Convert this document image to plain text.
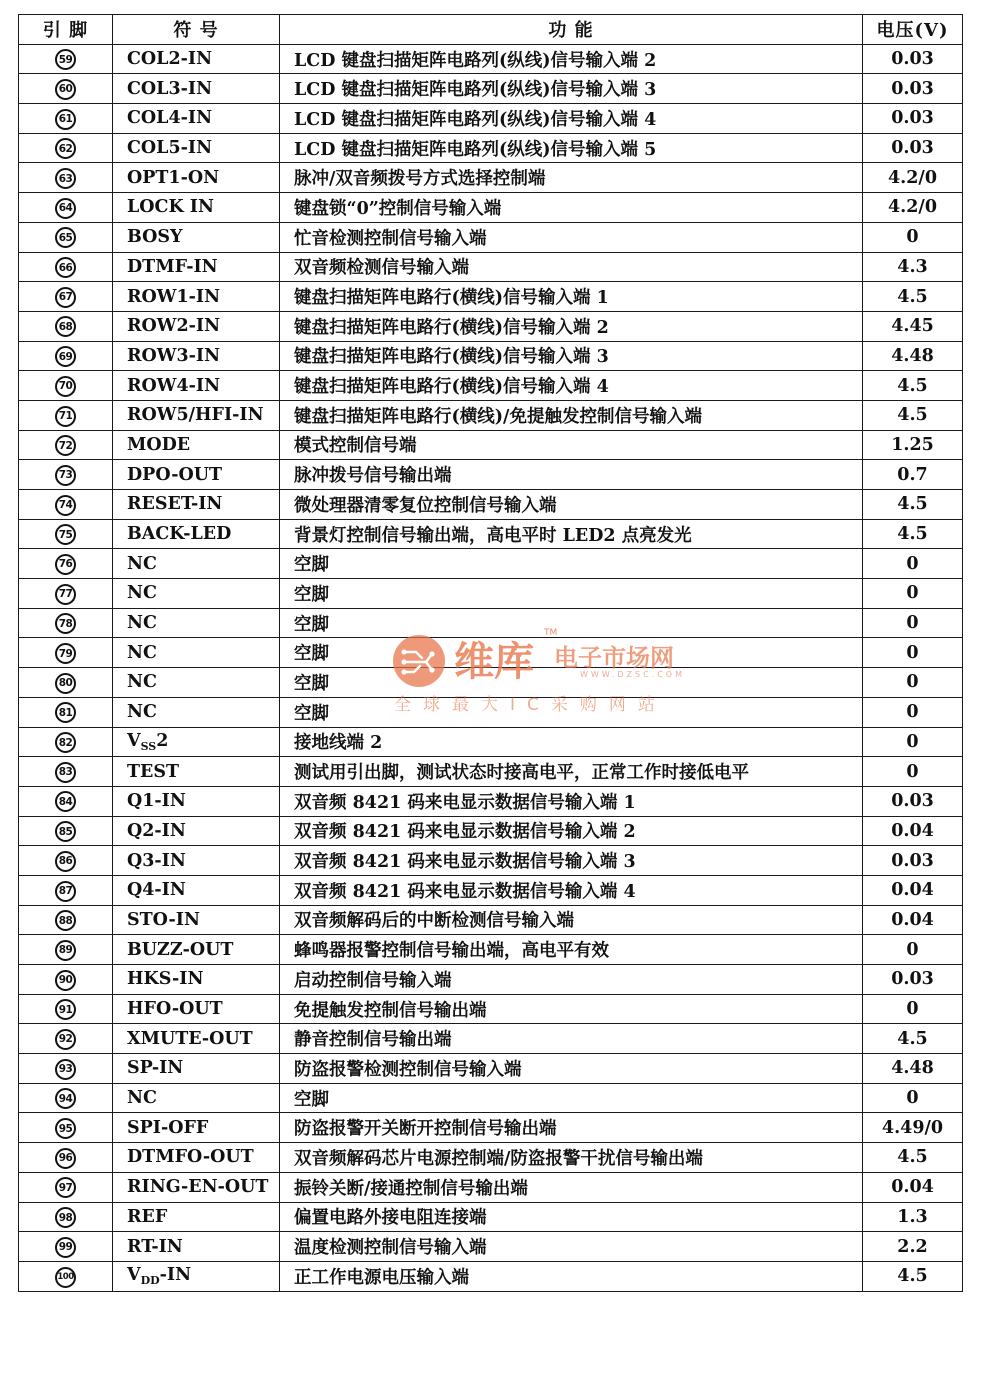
引 脚	符 号	功 能	电压(V)
59	COL2-IN	LCD 键盘扫描矩阵电路列(纵线)信号输入端 2	0.03
60	COL3-IN	LCD 键盘扫描矩阵电路列(纵线)信号输入端 3	0.03
61	COL4-IN	LCD 键盘扫描矩阵电路列(纵线)信号输入端 4	0.03
62	COL5-IN	LCD 键盘扫描矩阵电路列(纵线)信号输入端 5	0.03
63	OPT1-ON	脉冲/双音频拨号方式选择控制端	4.2/0
64	LOCK IN	键盘锁“0”控制信号输入端	4.2/0
65	BOSY	忙音检测控制信号输入端	0
66	DTMF-IN	双音频检测信号输入端	4.3
67	ROW1-IN	键盘扫描矩阵电路行(横线)信号输入端 1	4.5
68	ROW2-IN	键盘扫描矩阵电路行(横线)信号输入端 2	4.45
69	ROW3-IN	键盘扫描矩阵电路行(横线)信号输入端 3	4.48
70	ROW4-IN	键盘扫描矩阵电路行(横线)信号输入端 4	4.5
71	ROW5/HFI-IN	键盘扫描矩阵电路行(横线)/免提触发控制信号输入端	4.5
72	MODE	模式控制信号端	1.25
73	DPO-OUT	脉冲拨号信号输出端	0.7
74	RESET-IN	微处理器清零复位控制信号输入端	4.5
75	BACK-LED	背景灯控制信号输出端，高电平时 LED2 点亮发光	4.5
76	NC	空脚	0
77	NC	空脚	0
78	NC	空脚	0
79	NC	空脚	0
80	NC	空脚	0
81	NC	空脚	0
82	$V_{SS}2$	接地线端 2	0
83	TEST	测试用引出脚，测试状态时接高电平，正常工作时接低电平	0
84	Q1-IN	双音频 8421 码来电显示数据信号输入端 1	0.03
85	Q2-IN	双音频 8421 码来电显示数据信号输入端 2	0.04
86	Q3-IN	双音频 8421 码来电显示数据信号输入端 3	0.03
87	Q4-IN	双音频 8421 码来电显示数据信号输入端 4	0.04
88	STO-IN	双音频解码后的中断检测信号输入端	0.04
89	BUZZ-OUT	蜂鸣器报警控制信号输出端，高电平有效	0
90	HKS-IN	启动控制信号输入端	0.03
91	HFO-OUT	免提触发控制信号输出端	0
92	XMUTE-OUT	静音控制信号输出端	4.5
93	SP-IN	防盗报警检测控制信号输入端	4.48
94	NC	空脚	0
95	SPI-OFF	防盗报警开关断开控制信号输出端	4.49/0
96	DTMFO-OUT	双音频解码芯片电源控制端/防盗报警干扰信号输出端	4.5
97	RING-EN-OUT	振铃关断/接通控制信号输出端	0.04
98	REF	偏置电路外接电阻连接端	1.3
99	RT-IN	温度检测控制信号输入端	2.2
100	$V_{DD}-IN$	正工作电源电压输入端	4.5
维库
TM
电子市场网
WWW.DZSC.COM
全球最大IC采购网站
